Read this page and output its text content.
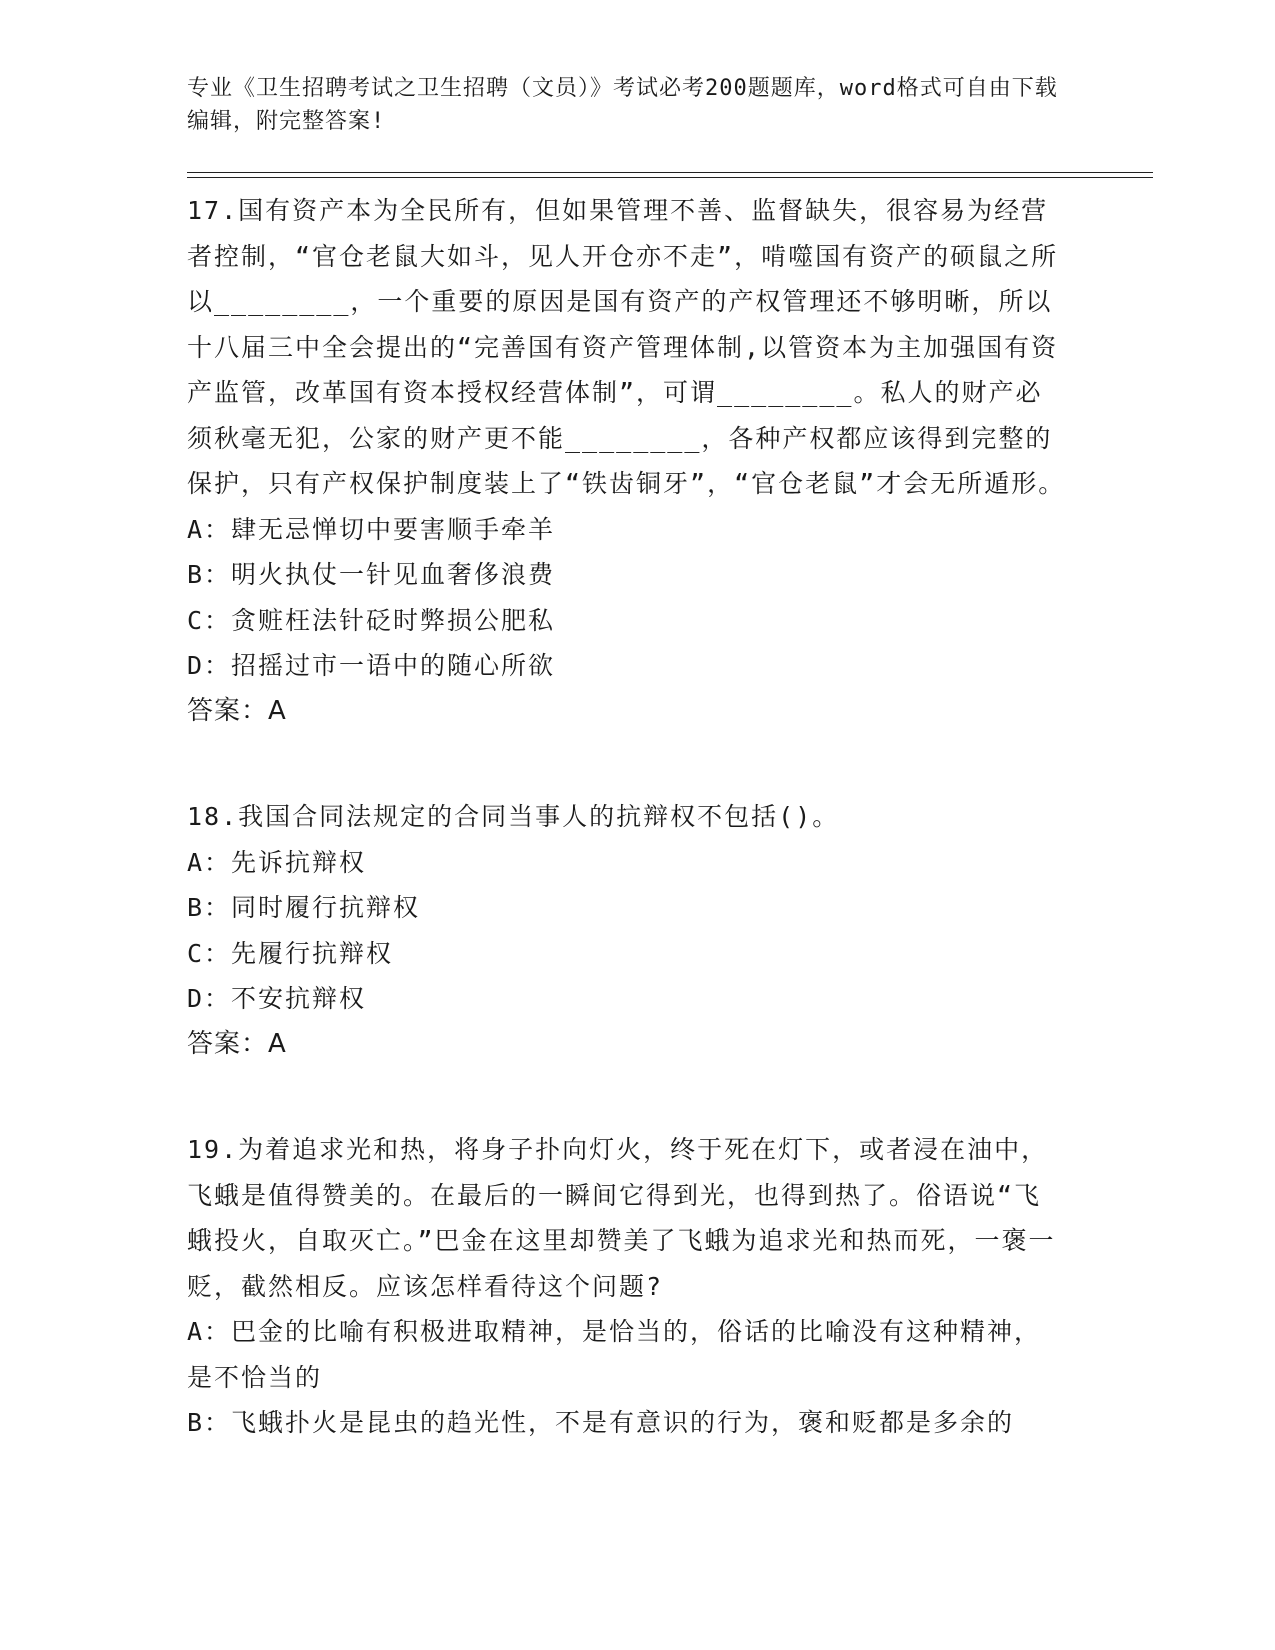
专业《卫生招聘考试之卫生招聘（文员）》考试必考200题题库，word格式可自由下载编辑，附完整答案!
17.国有资产本为全民所有，但如果管理不善、监督缺失，很容易为经营者控制，“官仓老鼠大如斗，见人开仓亦不走”，啃噬国有资产的硕鼠之所以________，一个重要的原因是国有资产的产权管理还不够明晰，所以十八届三中全会提出的“完善国有资产管理体制,以管资本为主加强国有资产监管，改革国有资本授权经营体制”，可谓________。私人的财产必须秋毫无犯，公家的财产更不能________，各种产权都应该得到完整的保护，只有产权保护制度装上了“铁齿铜牙”，“官仓老鼠”才会无所遁形。
A：肆无忌惮切中要害顺手牵羊
B：明火执仗一针见血奢侈浪费
C：贪赃枉法针砭时弊损公肥私
D：招摇过市一语中的随心所欲
答案：A
18.我国合同法规定的合同当事人的抗辩权不包括()。
A：先诉抗辩权
B：同时履行抗辩权
C：先履行抗辩权
D：不安抗辩权
答案：A
19.为着追求光和热，将身子扑向灯火，终于死在灯下，或者浸在油中，飞蛾是值得赞美的。在最后的一瞬间它得到光，也得到热了。俗语说“飞蛾投火，自取灭亡。”巴金在这里却赞美了飞蛾为追求光和热而死，一褒一贬，截然相反。应该怎样看待这个问题?
A：巴金的比喻有积极进取精神，是恰当的，俗话的比喻没有这种精神，是不恰当的
B：飞蛾扑火是昆虫的趋光性，不是有意识的行为，褒和贬都是多余的
